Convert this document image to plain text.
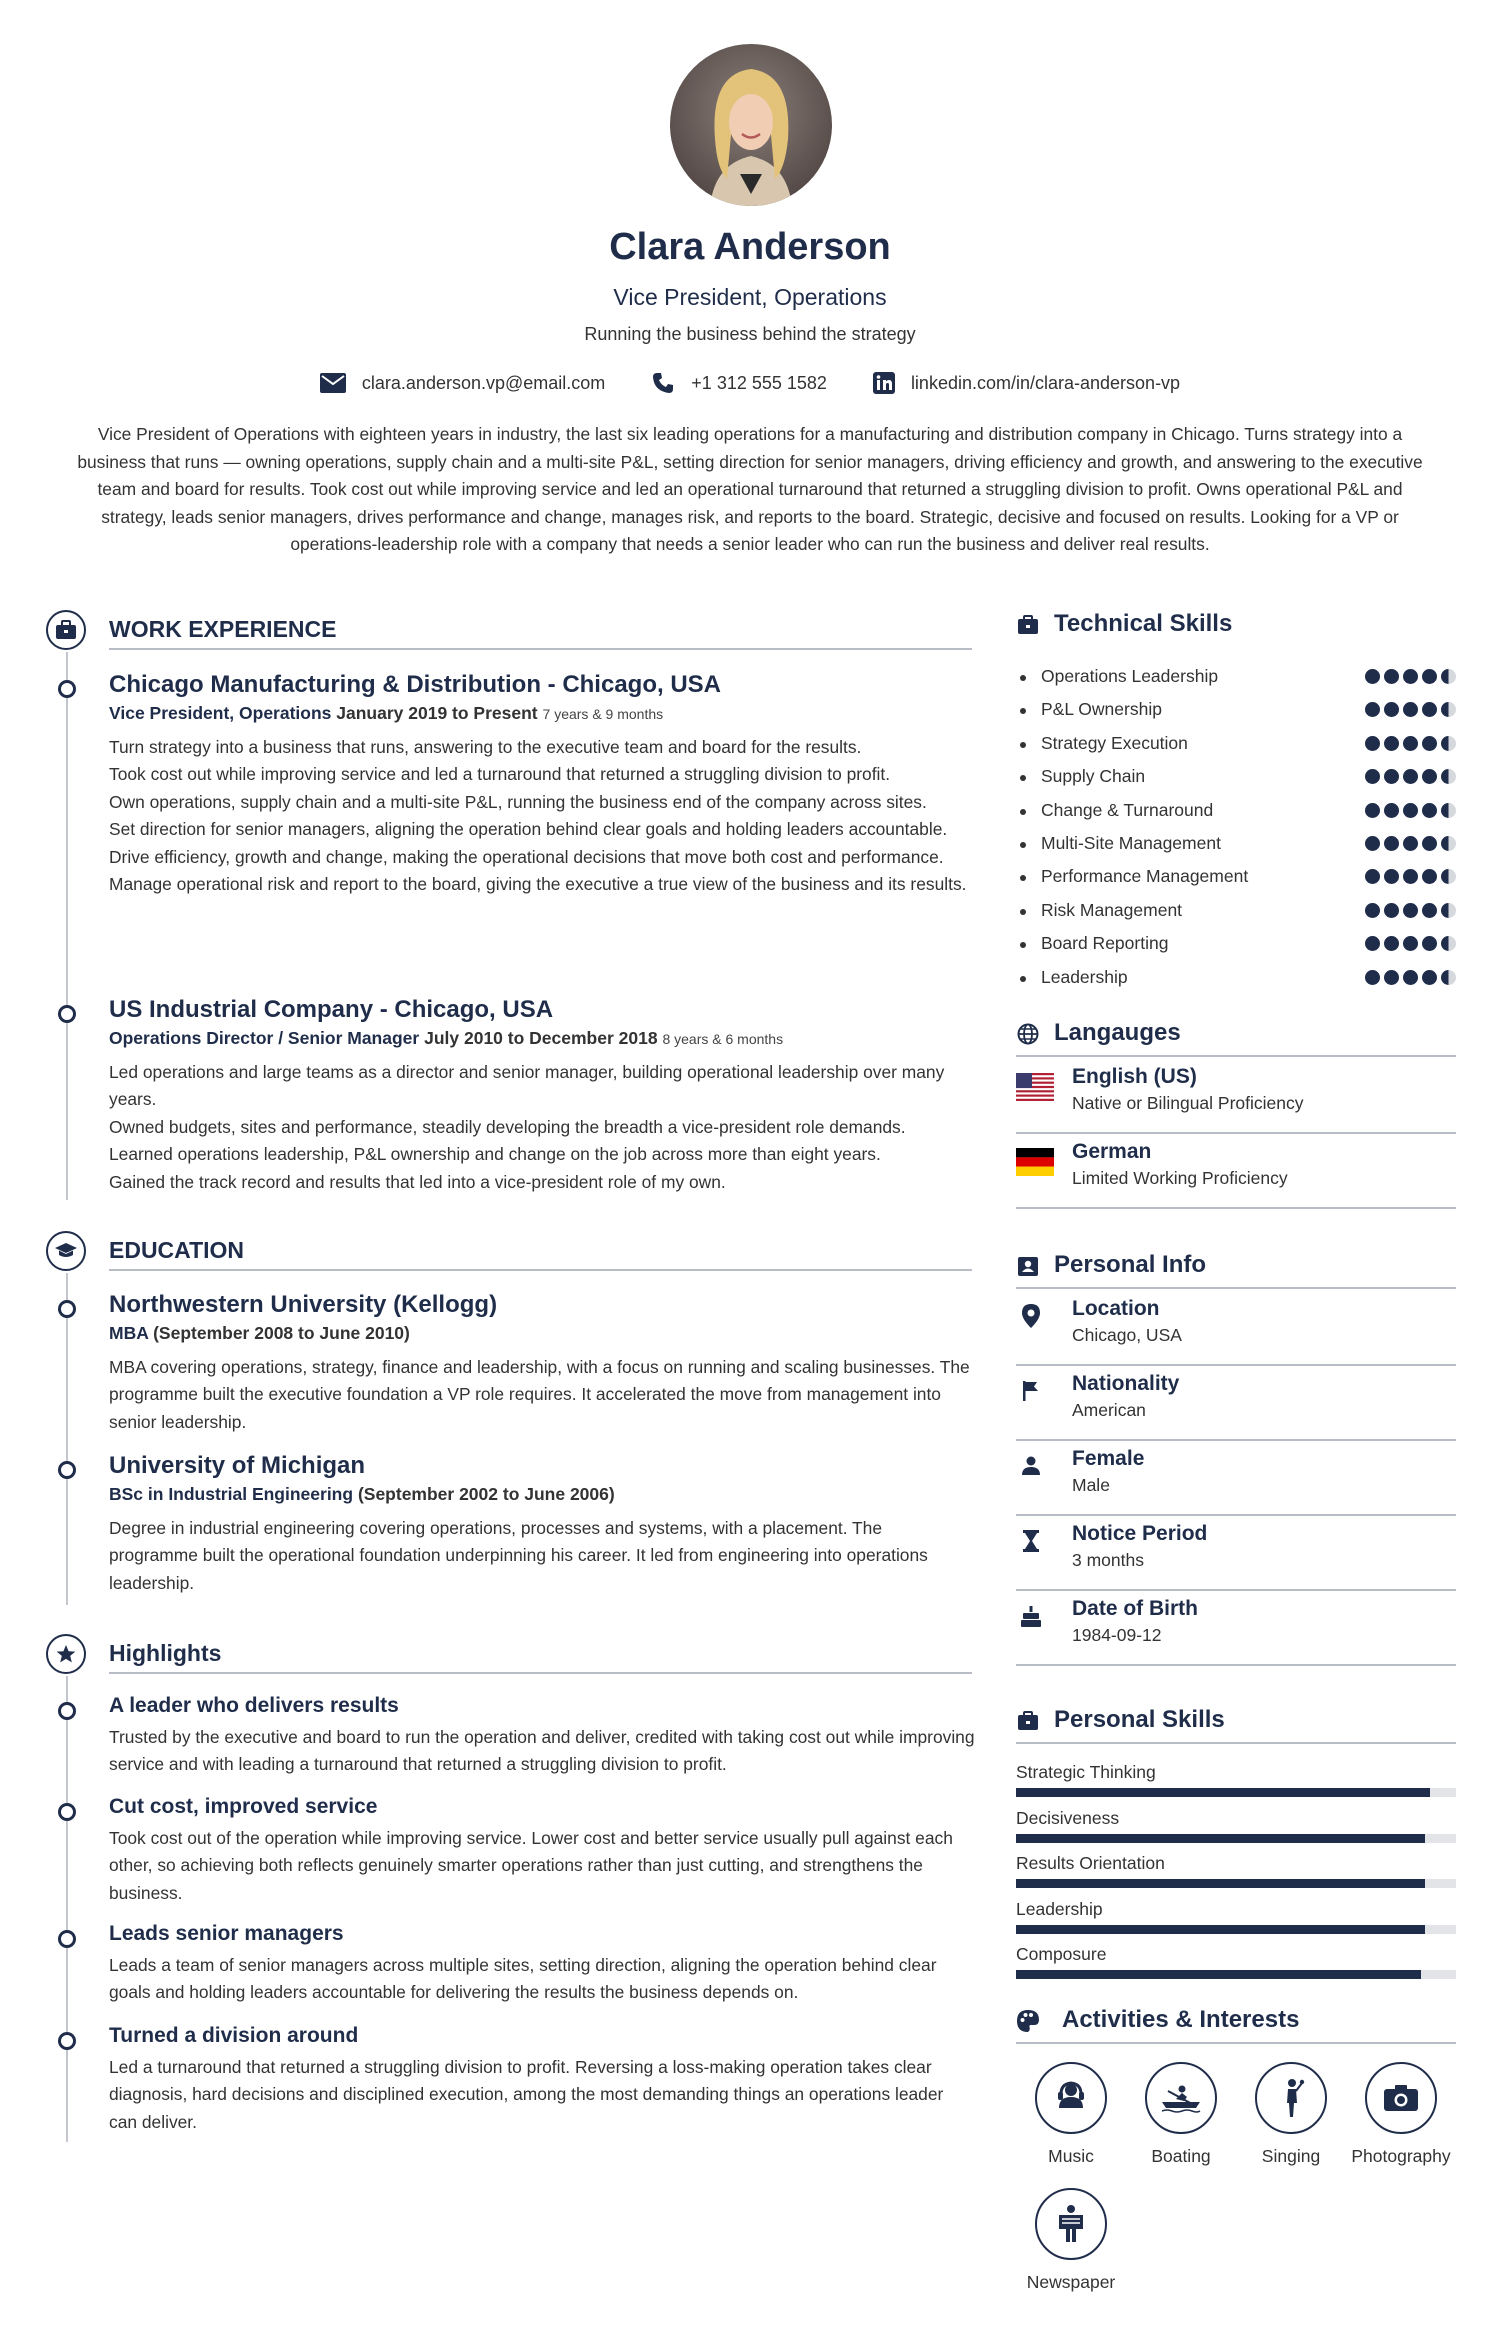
Clara Anderson
Vice President, Operations
Running the business behind the strategy
clara.anderson.vp@email.com	+1 312 555 1582	linkedin.com/in/clara-anderson-vp
Vice President of Operations with eighteen years in industry, the last six leading operations for a manufacturing and distribution company in Chicago. Turns strategy into a business that runs — owning operations, supply chain and a multi-site P&L, setting direction for senior managers, driving efficiency and growth, and answering to the executive team and board for results. Took cost out while improving service and led an operational turnaround that returned a struggling division to profit. Owns operational P&L and strategy, leads senior managers, drives performance and change, manages risk, and reports to the board. Strategic, decisive and focused on results. Looking for a VP or operations-leadership role with a company that needs a senior leader who can run the business and deliver real results.
WORK EXPERIENCE
Chicago Manufacturing & Distribution - Chicago, USA
Vice President, Operations January 2019 to Present 7 years & 9 months

Turn strategy into a business that runs, answering to the executive team and board for the results.

Took cost out while improving service and led a turnaround that returned a struggling division to profit.

Own operations, supply chain and a multi-site P&L, running the business end of the company across sites.

Set direction for senior managers, aligning the operation behind clear goals and holding leaders accountable.

Drive efficiency, growth and change, making the operational decisions that move both cost and performance.

Manage operational risk and report to the board, giving the executive a true view of the business and its results.

US Industrial Company - Chicago, USA
Operations Director / Senior Manager July 2010 to December 2018 8 years & 6 months

Led operations and large teams as a director and senior manager, building operational leadership over many years.

Owned budgets, sites and performance, steadily developing the breadth a vice-president role demands.

Learned operations leadership, P&L ownership and change on the job across more than eight years.

Gained the track record and results that led into a vice-president role of my own.

EDUCATION
Northwestern University (Kellogg)
MBA (September 2008 to June 2010)
MBA covering operations, strategy, finance and leadership, with a focus on running and scaling businesses. The programme built the executive foundation a VP role requires. It accelerated the move from management into senior leadership.
University of Michigan
BSc in Industrial Engineering (September 2002 to June 2006)
Degree in industrial engineering covering operations, processes and systems, with a placement. The programme built the operational foundation underpinning his career. It led from engineering into operations leadership.
Highlights
A leader who delivers results
Trusted by the executive and board to run the operation and deliver, credited with taking cost out while improving service and with leading a turnaround that returned a struggling division to profit.
Cut cost, improved service
Took cost out of the operation while improving service. Lower cost and better service usually pull against each other, so achieving both reflects genuinely smarter operations rather than just cutting, and strengthens the business.
Leads senior managers
Leads a team of senior managers across multiple sites, setting direction, aligning the operation behind clear goals and holding leaders accountable for delivering the results the business depends on.
Turned a division around
Led a turnaround that returned a struggling division to profit. Reversing a loss-making operation takes clear diagnosis, hard decisions and disciplined execution, among the most demanding things an operations leader can deliver.
Technical Skills
Operations Leadership
P&L Ownership
Strategy Execution
Supply Chain
Change & Turnaround
Multi-Site Management
Performance Management
Risk Management
Board Reporting
Leadership
Langauges
English (US)
Native or Bilingual Proficiency
German
Limited Working Proficiency
Personal Info
Location
Chicago, USA
Nationality
American
Female
Male
Notice Period
3 months
Date of Birth
1984-09-12
Personal Skills
Strategic Thinking
Decisiveness
Results Orientation
Leadership
Composure
Activities & Interests
Music	Boating	Singing	Photography
Newspaper
